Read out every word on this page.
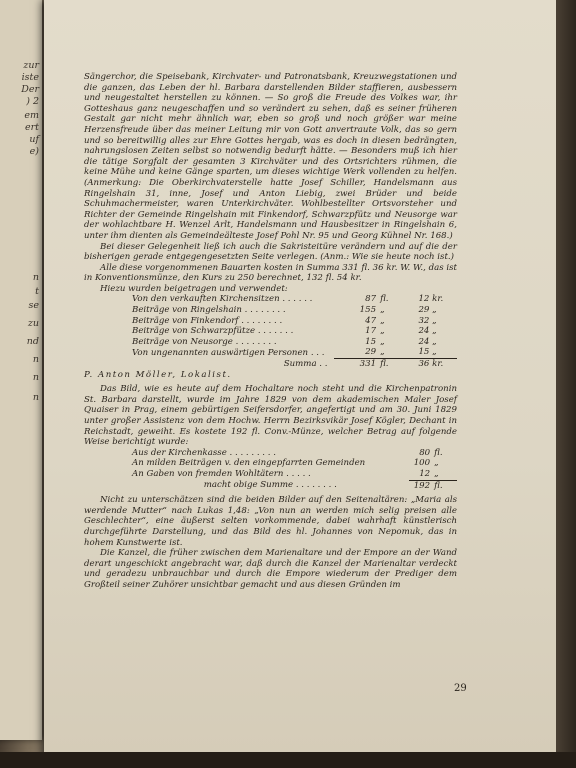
zur
iste
Der
) 2
em
ert
uf
e)
n
t
se
zu
nd
n
n
n

Sängerchor, die Speisebank, Kirchvater- und Patronatsbank, Kreuzwegstationen und die ganzen, das Leben der hl. Barbara darstellenden Bilder staffieren, ausbessern und neugestaltet herstellen zu können. — So groß die Freude des Volkes war, ihr Gotteshaus ganz neugeschaffen und so verändert zu sehen, daß es seiner früheren Gestalt gar nicht mehr ähnlich war, eben so groß und noch größer war meine Herzensfreude über das meiner Leitung mir von Gott anvertraute Volk, das so gern und so bereitwillig alles zur Ehre Gottes hergab, was es doch in diesen bedrängten, nahrungslosen Zeiten selbst so notwendig bedurft hätte. — Besonders muß ich hier die tätige Sorgfalt der gesamten 3 Kirchväter und des Ortsrichters rühmen, die keine Mühe und keine Gänge sparten, um dieses wichtige Werk vollenden zu helfen. (Anmerkung: Die Oberkirchvaterstelle hatte Josef Schiller, Handelsmann aus Ringelshain 31, inne, Josef und Anton Liebig, zwei Brüder und beide Schuhmachermeister, waren Unterkirchväter. Wohlbestellter Ortsvorsteher und Richter der Gemeinde Ringelshain mit Finkendorf, Schwarzpfütz und Neusorge war der wohlachtbare H. Wenzel Arlt, Handelsmann und Hausbesitzer in Ringelshain 6, unter ihm dienten als Gemeindeälteste Josef Pohl Nr. 95 und Georg Kühnel Nr. 168.)

Bei dieser Gelegenheit ließ ich auch die Sakristeitüre verändern und auf die der bisherigen gerade entgegengesetzten Seite verlegen. (Anm.: Wie sie heute noch ist.)

Alle diese vorgenommenen Bauarten kosten in Summa 331 fl. 36 kr. W. W., das ist in Konventionsmünze, den Kurs zu 250 berechnet, 132 fl. 54 kr.

Hiezu wurden beigetragen und verwendet:

Von den verkauften Kirchensitzen . . . . . .	87	fl.	12 kr.
Beiträge von Ringelshain . . . . . . . .	155	„	29 „
Beiträge von Finkendorf . . . . . . . .	47	„	32 „
Beiträge von Schwarzpfütze . . . . . . .	17	„	24 „
Beiträge von Neusorge . . . . . . . .	15	„	24 „
Von ungenannten auswärtigen Personen . . .	29	„	15 „
Summa . .	331	fl.	36 kr.

P. Anton Möller, Lokalist.

Das Bild, wie es heute auf dem Hochaltare noch steht und die Kirchenpatronin St. Barbara darstellt, wurde im Jahre 1829 von dem akademischen Maler Josef Quaiser in Prag, einem gebürtigen Seifersdorfer, angefertigt und am 30. Juni 1829 unter großer Assistenz von dem Hochw. Herrn Bezirksvikär Josef Kögler, Dechant in Reichstadt, geweiht. Es kostete 192 fl. Conv.-Münze, welcher Betrag auf folgende Weise berichtigt wurde:

Aus der Kirchenkasse . . . . . . . . .	80	fl.
An milden Beiträgen v. den eingepfarrten Gemeinden	100	„
An Gaben von fremden Wohltätern . . . . .	12	„
macht obige Summe . . . . . . . .	192	fl.

Nicht zu unterschätzen sind die beiden Bilder auf den Seitenaltären: „Maria als werdende Mutter“ nach Lukas 1,48: „Von nun an werden mich selig preisen alle Geschlechter“, eine äußerst selten vorkommende, dabei wahrhaft künstlerisch durchgeführte Darstellung, und das Bild des hl. Johannes von Nepomuk, das in hohem Kunstwerte ist.

Die Kanzel, die früher zwischen dem Marienaltare und der Empore an der Wand derart ungeschickt angebracht war, daß durch die Kanzel der Marienaltar verdeckt und geradezu unbrauchbar und durch die Empore wiederum der Prediger dem Großteil seiner Zuhörer unsichtbar gemacht und aus diesen Gründen im

29
